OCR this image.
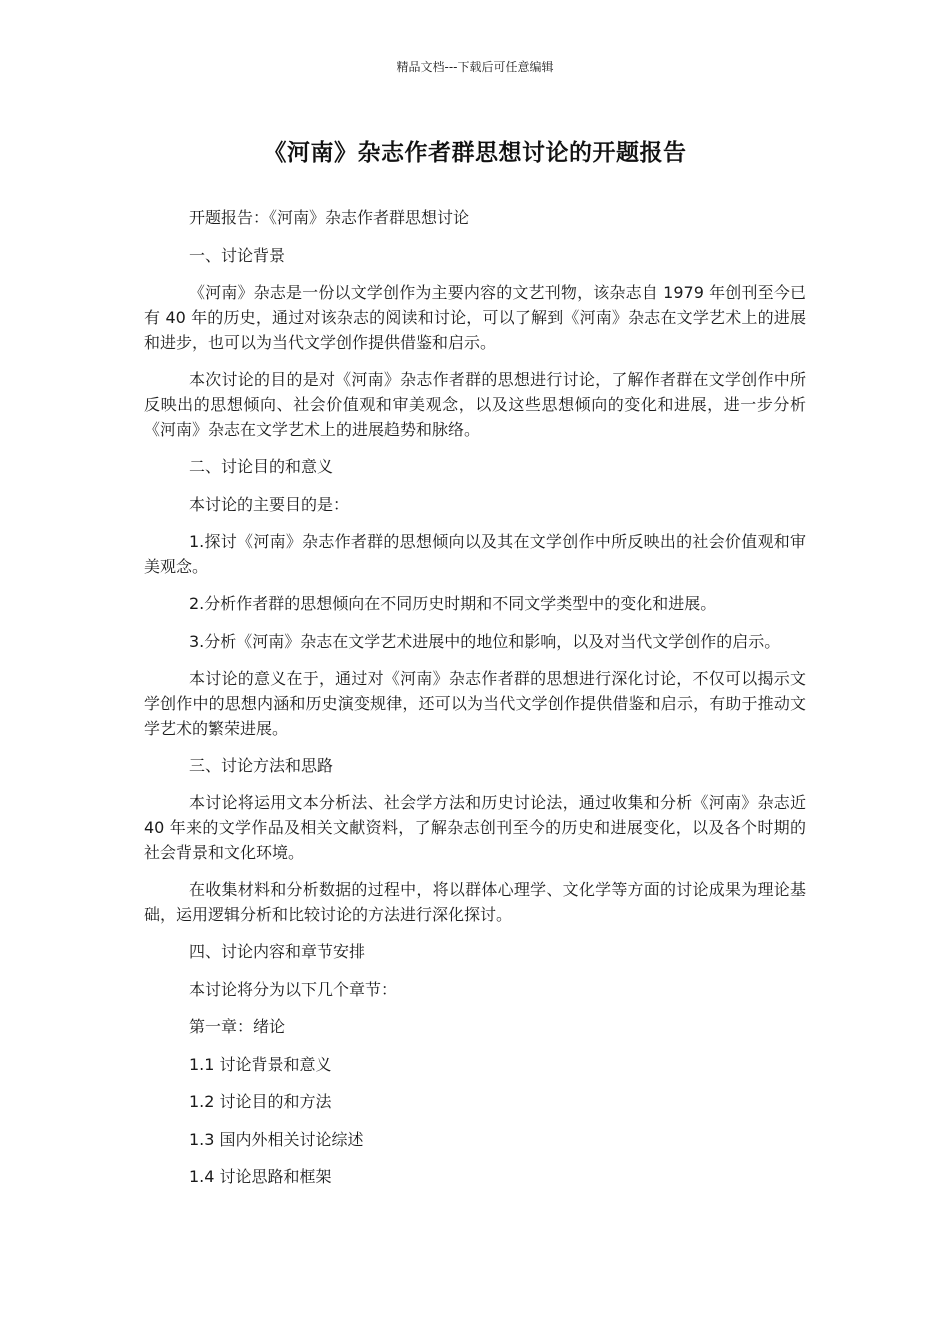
精品文档---下载后可任意编辑
《河南》杂志作者群思想讨论的开题报告

开题报告：《河南》杂志作者群思想讨论

一、讨论背景

《河南》杂志是一份以文学创作为主要内容的文艺刊物，该杂志自 1979 年创刊至今已有 40 年的历史，通过对该杂志的阅读和讨论，可以了解到《河南》杂志在文学艺术上的进展和进步，也可以为当代文学创作提供借鉴和启示。

本次讨论的目的是对《河南》杂志作者群的思想进行讨论，了解作者群在文学创作中所反映出的思想倾向、社会价值观和审美观念，以及这些思想倾向的变化和进展，进一步分析《河南》杂志在文学艺术上的进展趋势和脉络。

二、讨论目的和意义

本讨论的主要目的是：

1.探讨《河南》杂志作者群的思想倾向以及其在文学创作中所反映出的社会价值观和审美观念。

2.分析作者群的思想倾向在不同历史时期和不同文学类型中的变化和进展。

3.分析《河南》杂志在文学艺术进展中的地位和影响，以及对当代文学创作的启示。

本讨论的意义在于，通过对《河南》杂志作者群的思想进行深化讨论，不仅可以揭示文学创作中的思想内涵和历史演变规律，还可以为当代文学创作提供借鉴和启示，有助于推动文学艺术的繁荣进展。

三、讨论方法和思路

本讨论将运用文本分析法、社会学方法和历史讨论法，通过收集和分析《河南》杂志近 40 年来的文学作品及相关文献资料，了解杂志创刊至今的历史和进展变化，以及各个时期的社会背景和文化环境。

在收集材料和分析数据的过程中，将以群体心理学、文化学等方面的讨论成果为理论基础，运用逻辑分析和比较讨论的方法进行深化探讨。

四、讨论内容和章节安排

本讨论将分为以下几个章节：

第一章：绪论

1.1 讨论背景和意义

1.2 讨论目的和方法

1.3 国内外相关讨论综述

1.4 讨论思路和框架
